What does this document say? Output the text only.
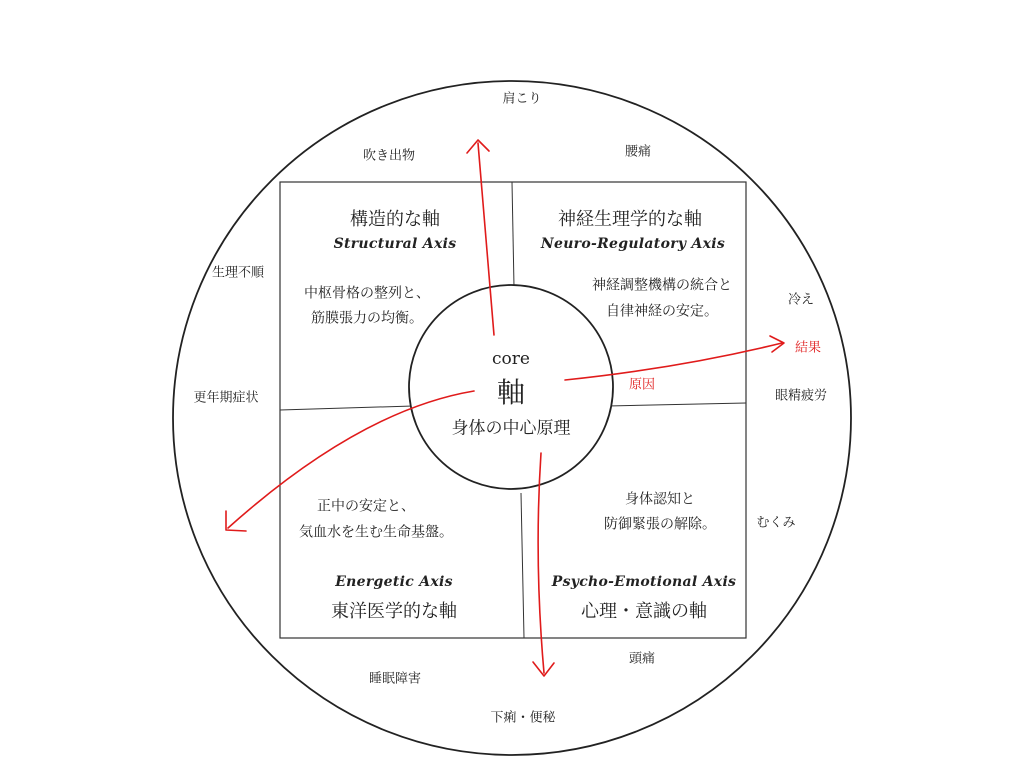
core
軸
身体の中心原理
構造的な軸
Structural Axis
中枢骨格の整列と、
筋膜張力の均衡。
神経生理学的な軸
Neuro-Regulatory Axis
神経調整機構の統合と
自律神経の安定。
正中の安定と、
気血水を生む生命基盤。
Energetic Axis
東洋医学的な軸
身体認知と
防御緊張の解除。
Psycho-Emotional Axis
心理・意識の軸
肩こり
吹き出物	腰痛
生理不順
冷え
更年期症状	眼精疲労
むくみ
頭痛
睡眠障害
下痢・便秘
原因
結果
